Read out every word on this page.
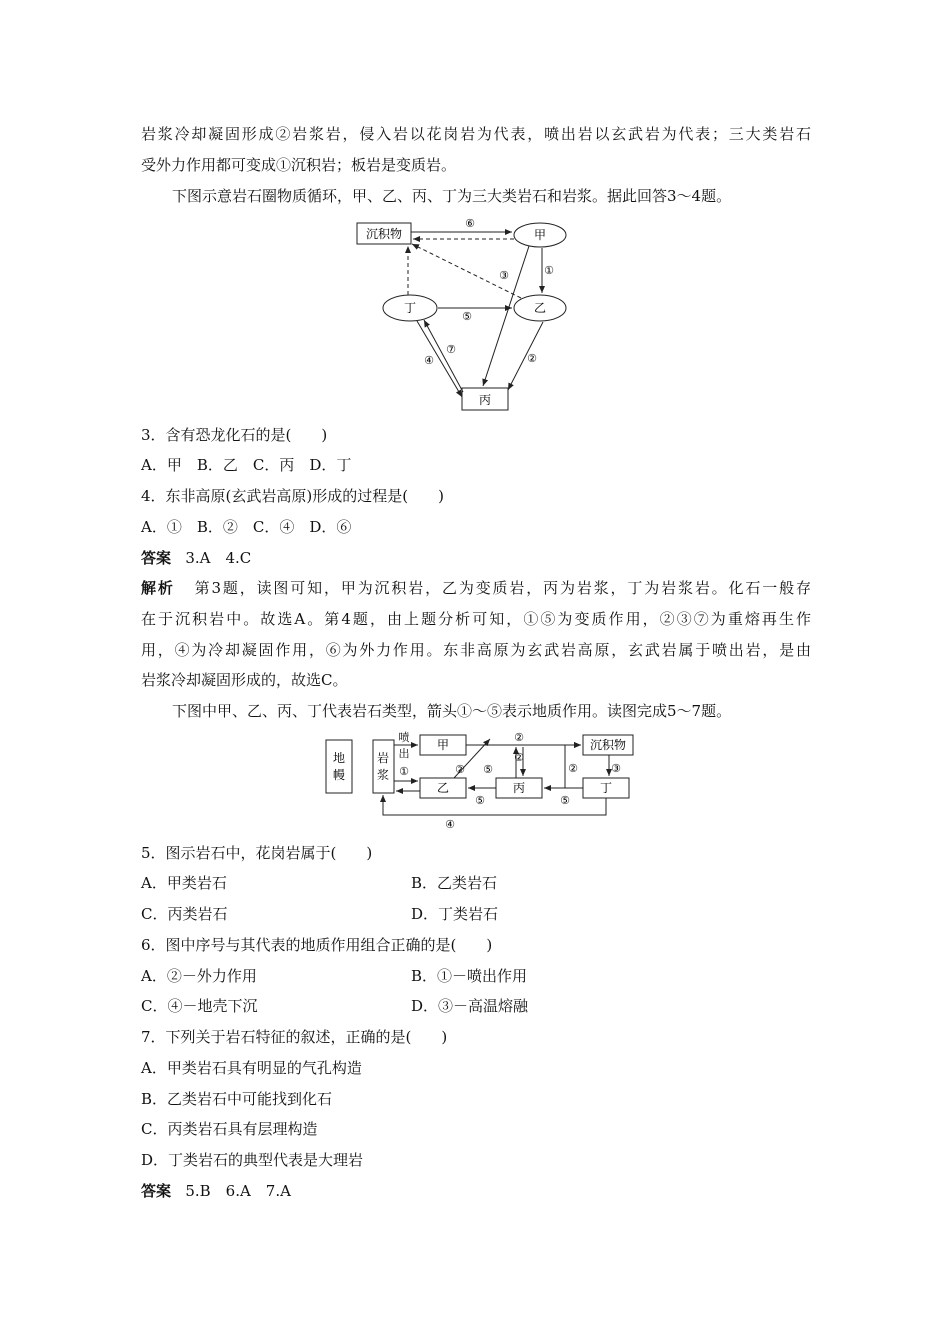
岩浆冷却凝固形成②岩浆岩，侵入岩以花岗岩为代表，喷出岩以玄武岩为代表；三大类岩石
受外力作用都可变成①沉积岩；板岩是变质岩。
下图示意岩石圈物质循环，甲、乙、丙、丁为三大类岩石和岩浆。据此回答3～4题。
沉积物	甲
丁	乙
丙
⑥
①
③
⑤
②
⑦
④
3．含有恐龙化石的是(　　)
A．甲　B．乙　C．丙　D．丁
4．东非高原(玄武岩高原)形成的过程是(　　)
A．①　B．②　C．④　D．⑥
答案 3.A　4.C
解析 第3题，读图可知，甲为沉积岩，乙为变质岩，丙为岩浆，丁为岩浆岩。化石一般存
在于沉积岩中。故选A。第4题，由上题分析可知，①⑤为变质作用，②③⑦为重熔再生作
用，④为冷却凝固作用，⑥为外力作用。东非高原为玄武岩高原，玄武岩属于喷出岩，是由
岩浆冷却凝固形成的，故选C。
下图中甲、乙、丙、丁代表岩石类型，箭头①～⑤表示地质作用。读图完成5～7题。
地
幔
岩
浆
甲
乙	丙
沉积物
丁
喷
出
①	② ⑤
②
②
②	③
⑤	⑤
④
5．图示岩石中，花岗岩属于(　　)
A．甲类岩石	B．乙类岩石
C．丙类岩石	D．丁类岩石
6．图中序号与其代表的地质作用组合正确的是(　　)
A．②－外力作用	B．①－喷出作用
C．④－地壳下沉	D．③－高温熔融
7．下列关于岩石特征的叙述，正确的是(　　)
A．甲类岩石具有明显的气孔构造
B．乙类岩石中可能找到化石
C．丙类岩石具有层理构造
D．丁类岩石的典型代表是大理岩
答案 5.B　6.A　7.A
